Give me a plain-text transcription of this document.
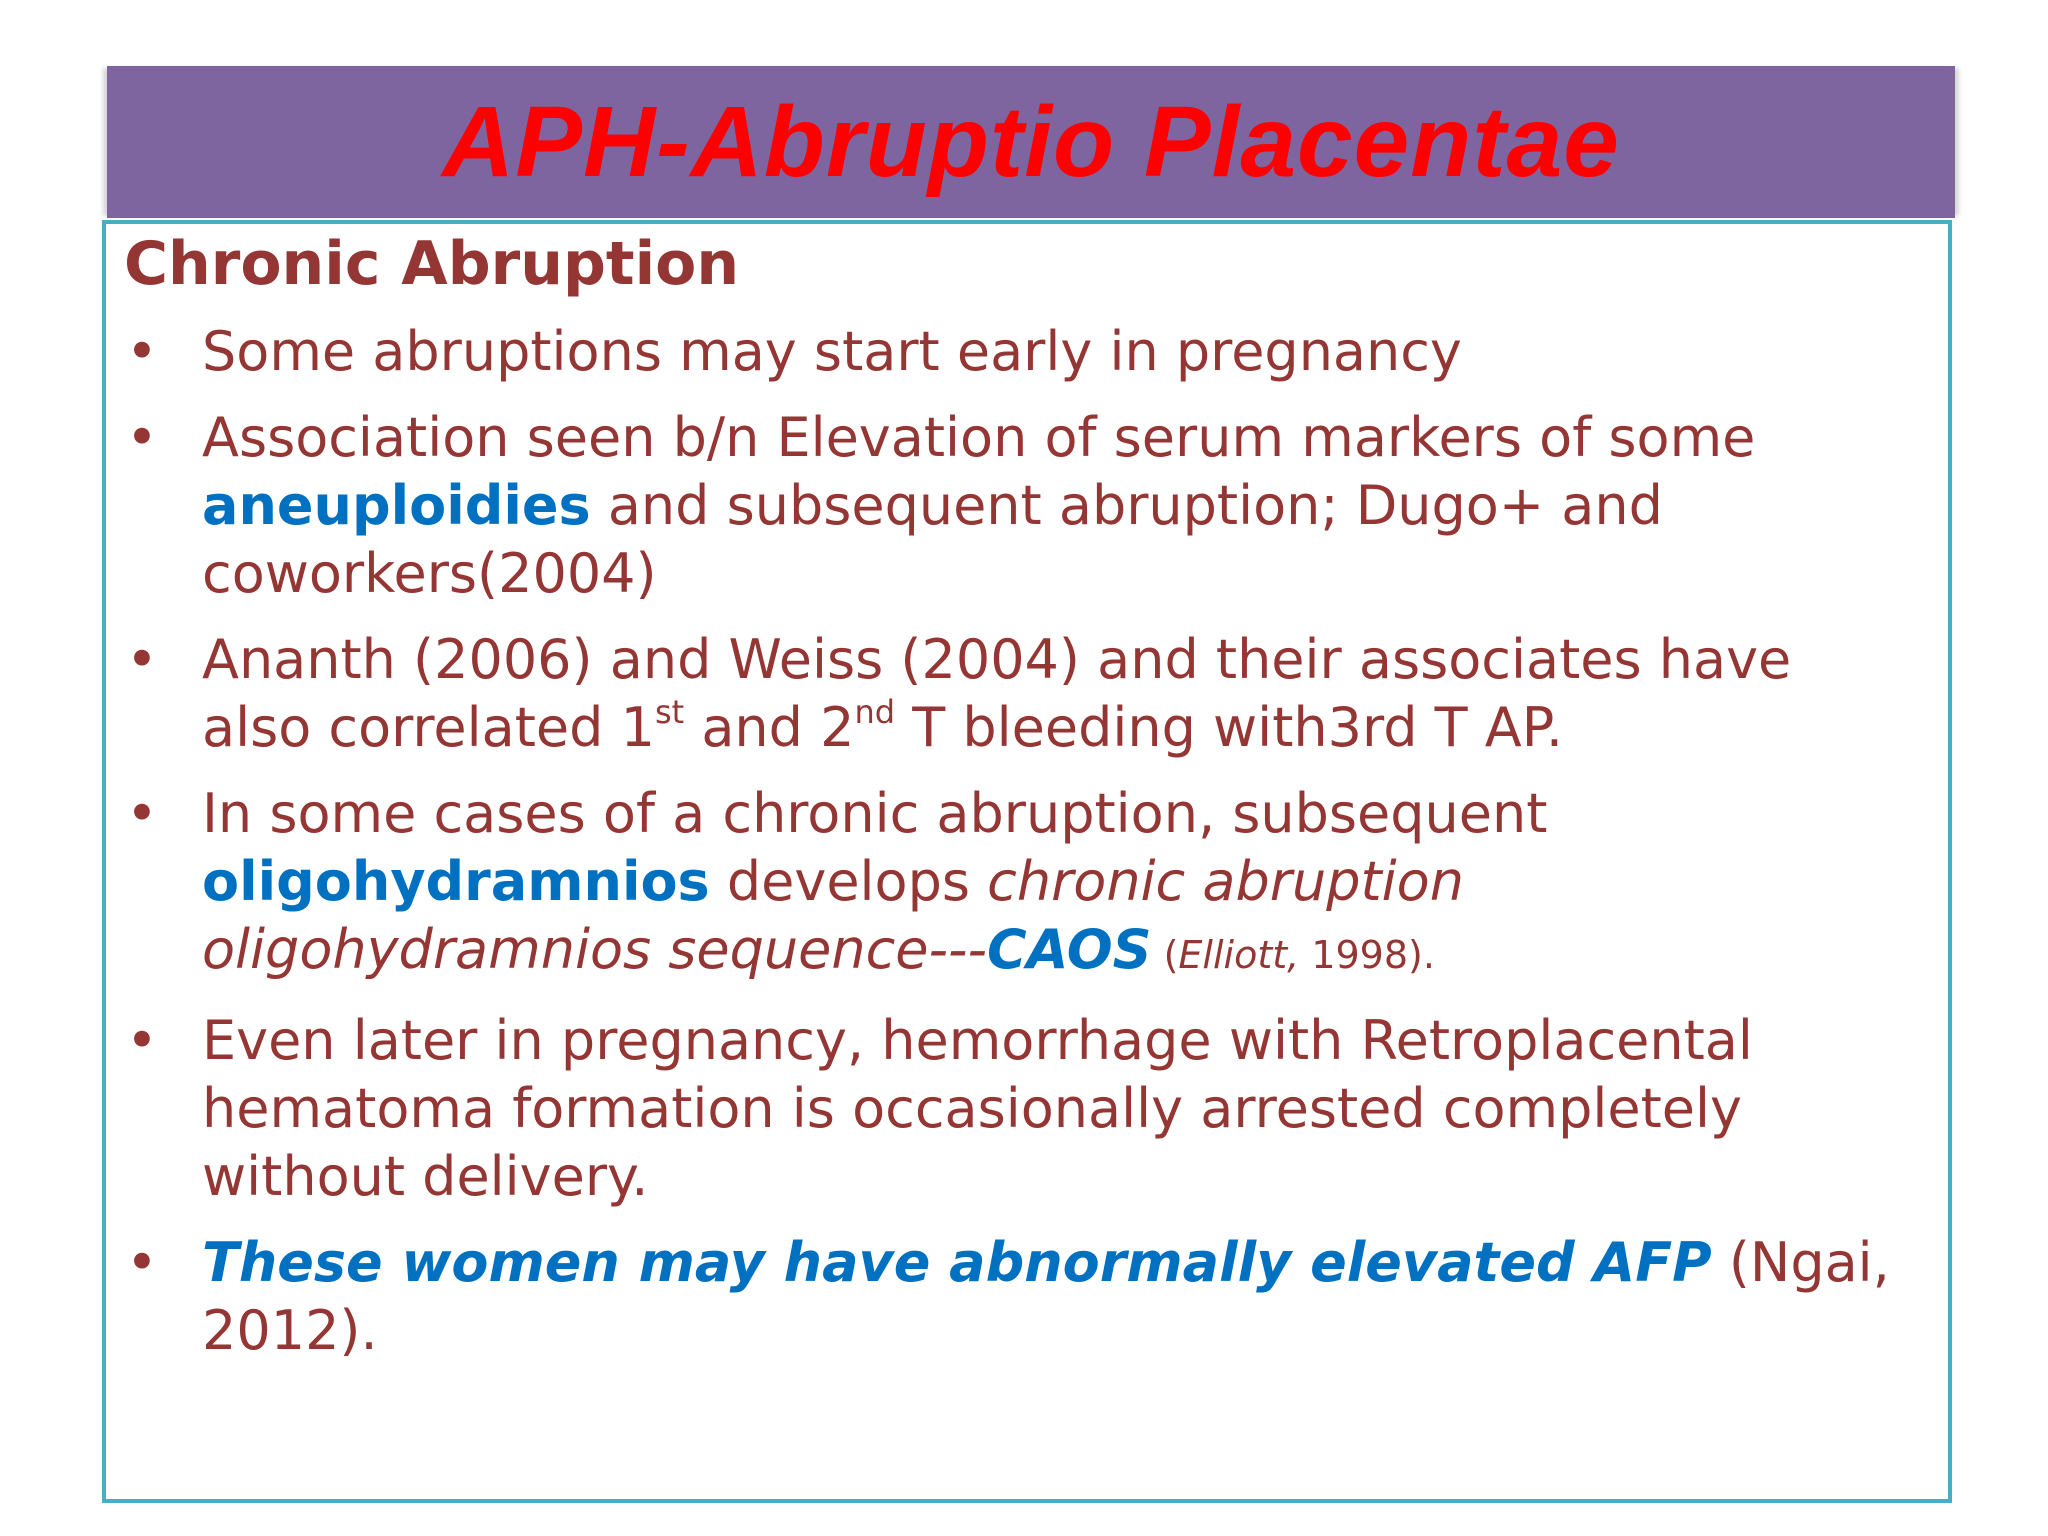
APH-Abruptio Placentae
Chronic Abruption
• Some abruptions may start early in pregnancy
• Association seen b/n Elevation of serum markers of some aneuploidies and subsequent abruption; Dugo+ and coworkers(2004)
• Ananth (2006) and Weiss (2004) and their associates have also correlated 1st and 2nd T bleeding with3rd T AP.
• In some cases of a chronic abruption, subsequent oligohydramnios develops chronic abruption oligohydramnios sequence---CAOS (Elliott, 1998).
• Even later in pregnancy, hemorrhage with Retroplacental hematoma formation is occasionally arrested completely without delivery.
• These women may have abnormally elevated AFP (Ngai, 2012).
